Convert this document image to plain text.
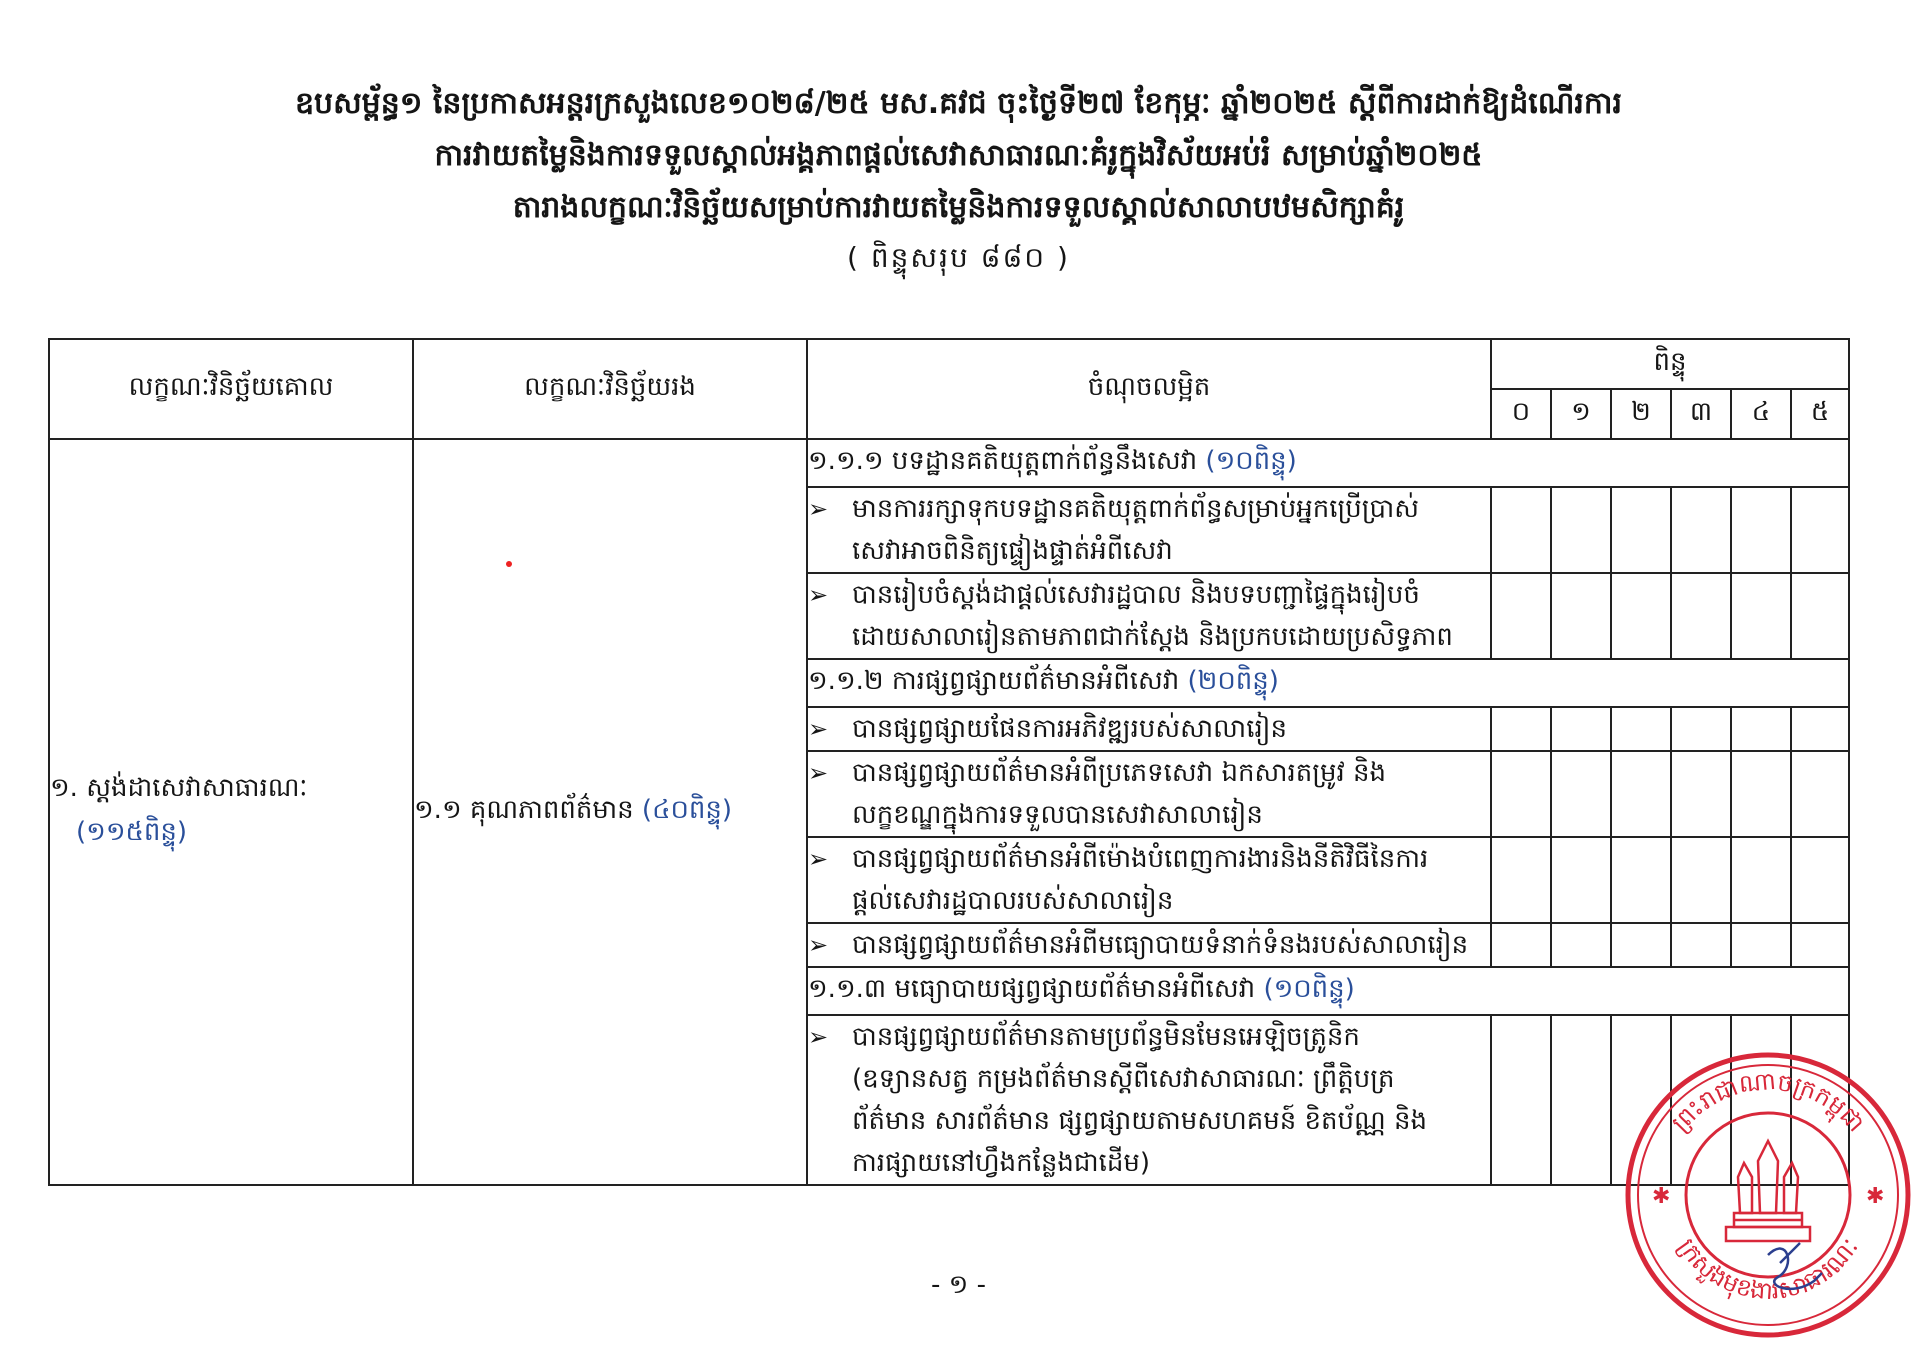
ឧបសម្ព័ន្ធ១ នៃប្រកាសអន្តរក្រសួងលេខ១០២៨/២៥ មស.គវជ ចុះថ្ងៃទី២៧ ខែកុម្ភៈ ឆ្នាំ២០២៥ ស្តីពីការដាក់ឱ្យដំណើរការ
ការវាយតម្លៃនិងការទទួលស្គាល់អង្គភាពផ្តល់សេវាសាធារណៈគំរូក្នុងវិស័យអប់រំ សម្រាប់ឆ្នាំ២០២៥
តារាងលក្ខណៈវិនិច្ឆ័យសម្រាប់ការវាយតម្លៃនិងការទទួលស្គាល់សាលាបឋមសិក្សាគំរូ
( ពិន្ទុសរុប ៨៨០ )
លក្ខណៈវិនិច្ឆ័យគោល	លក្ខណៈវិនិច្ឆ័យរង	ចំណុចលម្អិត	ពិន្ទុ					
			០	១	២	៣	៤	៥

១. ស្តង់ដាសេវាសាធារណៈ
(១១៥ពិន្ទុ)	១.១ គុណភាពព័ត៌មាន (៤០ពិន្ទុ)	១.១.១ បទដ្ឋានគតិយុត្តពាក់ព័ន្ធនឹងសេវា (១០ពិន្ទុ)						

		➢ មានការរក្សាទុកបទដ្ឋានគតិយុត្តពាក់ព័ន្ធសម្រាប់អ្នកប្រើប្រាស់
សេវាអាចពិនិត្យផ្ទៀងផ្ទាត់អំពីសេវា						

		➢ បានរៀបចំស្តង់ដាផ្តល់សេវារដ្ឋបាល និងបទបញ្ជាផ្ទៃក្នុងរៀបចំ
ដោយសាលារៀនតាមភាពជាក់ស្តែង និងប្រកបដោយប្រសិទ្ធភាព						

		១.១.២ ការផ្សព្វផ្សាយព័ត៌មានអំពីសេវា (២០ពិន្ទុ)						

		➢ បានផ្សព្វផ្សាយផែនការអភិវឌ្ឍរបស់សាលារៀន						

		➢ បានផ្សព្វផ្សាយព័ត៌មានអំពីប្រភេទសេវា ឯកសារតម្រូវ និង
លក្ខខណ្ឌក្នុងការទទួលបានសេវាសាលារៀន						

		➢ បានផ្សព្វផ្សាយព័ត៌មានអំពីម៉ោងបំពេញការងារនិងនីតិវិធីនៃការ
ផ្តល់សេវារដ្ឋបាលរបស់សាលារៀន						

		➢ បានផ្សព្វផ្សាយព័ត៌មានអំពីមធ្យោបាយទំនាក់ទំនងរបស់សាលារៀន						

		១.១.៣ មធ្យោបាយផ្សព្វផ្សាយព័ត៌មានអំពីសេវា (១០ពិន្ទុ)						

		➢ បានផ្សព្វផ្សាយព័ត៌មានតាមប្រព័ន្ធមិនមែនអេឡិចត្រូនិក
(ឧទ្យានសត្វ កម្រងព័ត៌មានស្តីពីសេវាសាធារណៈ ព្រឹត្តិបត្រ
ព័ត៌មាន សារព័ត៌មាន ផ្សព្វផ្សាយតាមសហគមន៍ ខិតប័ណ្ណ និង
ការផ្សាយនៅហ្វឹងកន្លែងជាដើម)						

ព្រះរាជាណាចក្រកម្ពុជា
ក្រសួងមុខងារសាធារណៈ
✱	✱
- ១ -
